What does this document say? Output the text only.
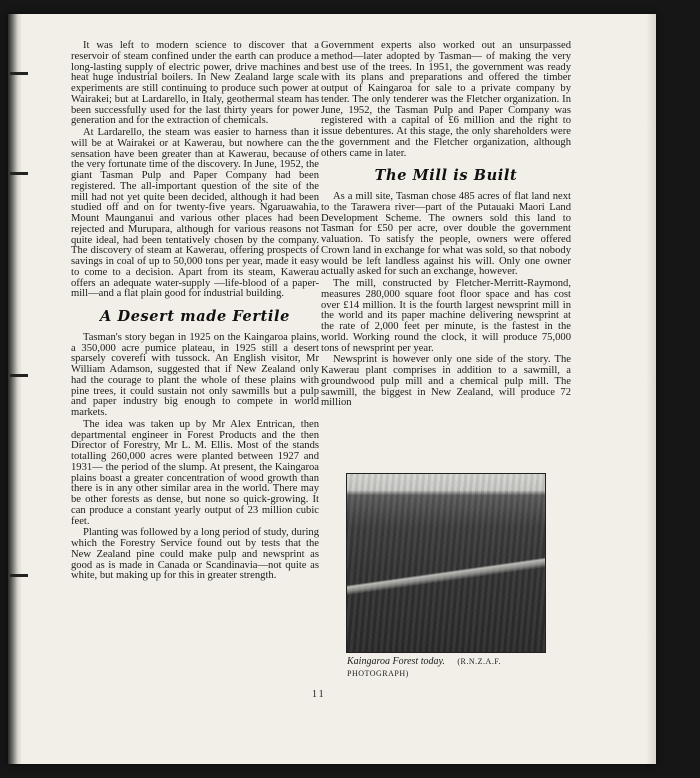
It was left to modern science to discover that a reservoir of steam confined under the earth can produce a long-lasting supply of electric power, drive machines and heat huge industrial boilers. In New Zealand large scale experiments are still continuing to produce such power at Wairakei; but at Lardarello, in Italy, geothermal steam has been successfully used for the last thirty years for power generation and for the extraction of chemicals.

At Lardarello, the steam was easier to harness than it will be at Wairakei or at Kawerau, but nowhere can the sensation have been greater than at Kawerau, because of the very fortunate time of the discovery. In June, 1952, the giant Tasman Pulp and Paper Company had been registered. The all-important question of the site of the mill had not yet quite been decided, although it had been studied off and on for twenty-five years. Ngaruawahia, Mount Maunganui and various other places had been rejected and Murupara, although for various reasons not quite ideal, had been tentatively chosen by the company. The discovery of steam at Kawerau, offering prospects of savings in coal of up to 50,000 tons per year, made it easy to come to a decision. Apart from its steam, Kawerau offers an adequate water-supply —life-blood of a paper-mill—and a flat plain good for industrial building.

A Desert made Fertile

Tasman's story began in 1925 on the Kaingaroa plains, a 350,000 acre pumice plateau, in 1925 still a desert sparsely coverefi with tussock. An English visitor, Mr William Adamson, suggested that if New Zealand only had the courage to plant the whole of these plains with pine trees, it could sustain not only sawmills but a pulp and paper industry big enough to compete in world markets.

The idea was taken up by Mr Alex Entrican, then departmental engineer in Forest Products and the then Director of Forestry, Mr L. M. Ellis. Most of the stands totalling 260,000 acres were planted between 1927 and 1931— the period of the slump. At present, the Kaingaroa plains boast a greater concentration of wood growth than there is in any other similar area in the world. There may be other forests as dense, but none so quick-growing. It can produce a constant yearly output of 23 million cubic feet.

Planting was followed by a long period of study, during which the Forestry Service found out by tests that the New Zealand pine could make pulp and newsprint as good as is made in Canada or Scandinavia—not quite as white, but making up for this in greater strength.

Government experts also worked out an unsurpassed method—later adopted by Tasman— of making the very best use of the trees. In 1951, the government was ready with its plans and preparations and offered the timber output of Kaingaroa for sale to a private company by tender. The only tenderer was the Fletcher organization. In June, 1952, the Tasman Pulp and Paper Company was registered with a capital of £6 million and the right to issue debentures. At this stage, the only shareholders were the government and the Fletcher organization, although others came in later.

The Mill is Built

As a mill site, Tasman chose 485 acres of flat land next to the Tarawera river—part of the Putauaki Maori Land Development Scheme. The owners sold this land to Tasman for £50 per acre, over double the government valuation. To satisfy the people, owners were offered Crown land in exchange for what was sold, so that nobody would be left landless against his will. Only one owner actually asked for such an exchange, however.

The mill, constructed by Fletcher-Merritt-Raymond, measures 280,000 square foot floor space and has cost over £14 million. It is the fourth largest newsprint mill in the world and its paper machine delivering newsprint at the rate of 2,000 feet per minute, is the fastest in the world. Working round the clock, it will produce 75,000 tons of newsprint per year.

Newsprint is however only one side of the story. The Kawerau plant comprises in addition to a sawmill, a groundwood pulp mill and a chemical pulp mill. The sawmill, the biggest in New Zealand, will produce 72 million

Kaingaroa Forest today. (R.N.Z.A.F.
PHOTOGRAPH)
11
